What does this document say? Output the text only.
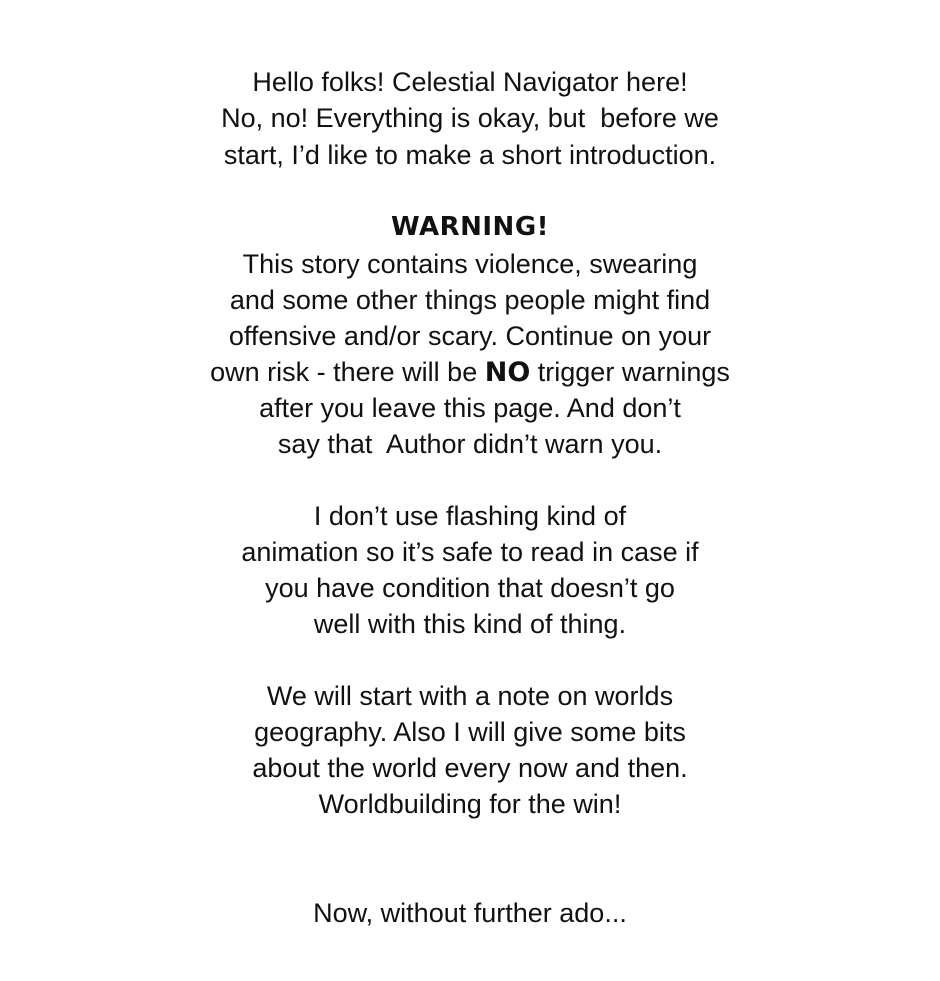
Hello folks! Celestial Navigator here!
No, no! Everything is okay, but  before we
start, I’d like to make a short introduction.
WARNING!
This story contains violence, swearing
and some other things people might find
offensive and/or scary. Continue on your
own risk - there will be NO trigger warnings
after you leave this page. And don’t
say that  Author didn’t warn you.
I don’t use flashing kind of
animation so it’s safe to read in case if
you have condition that doesn’t go
well with this kind of thing.
We will start with a note on worlds
geography. Also I will give some bits
about the world every now and then.
Worldbuilding for the win!
Now, without further ado...
